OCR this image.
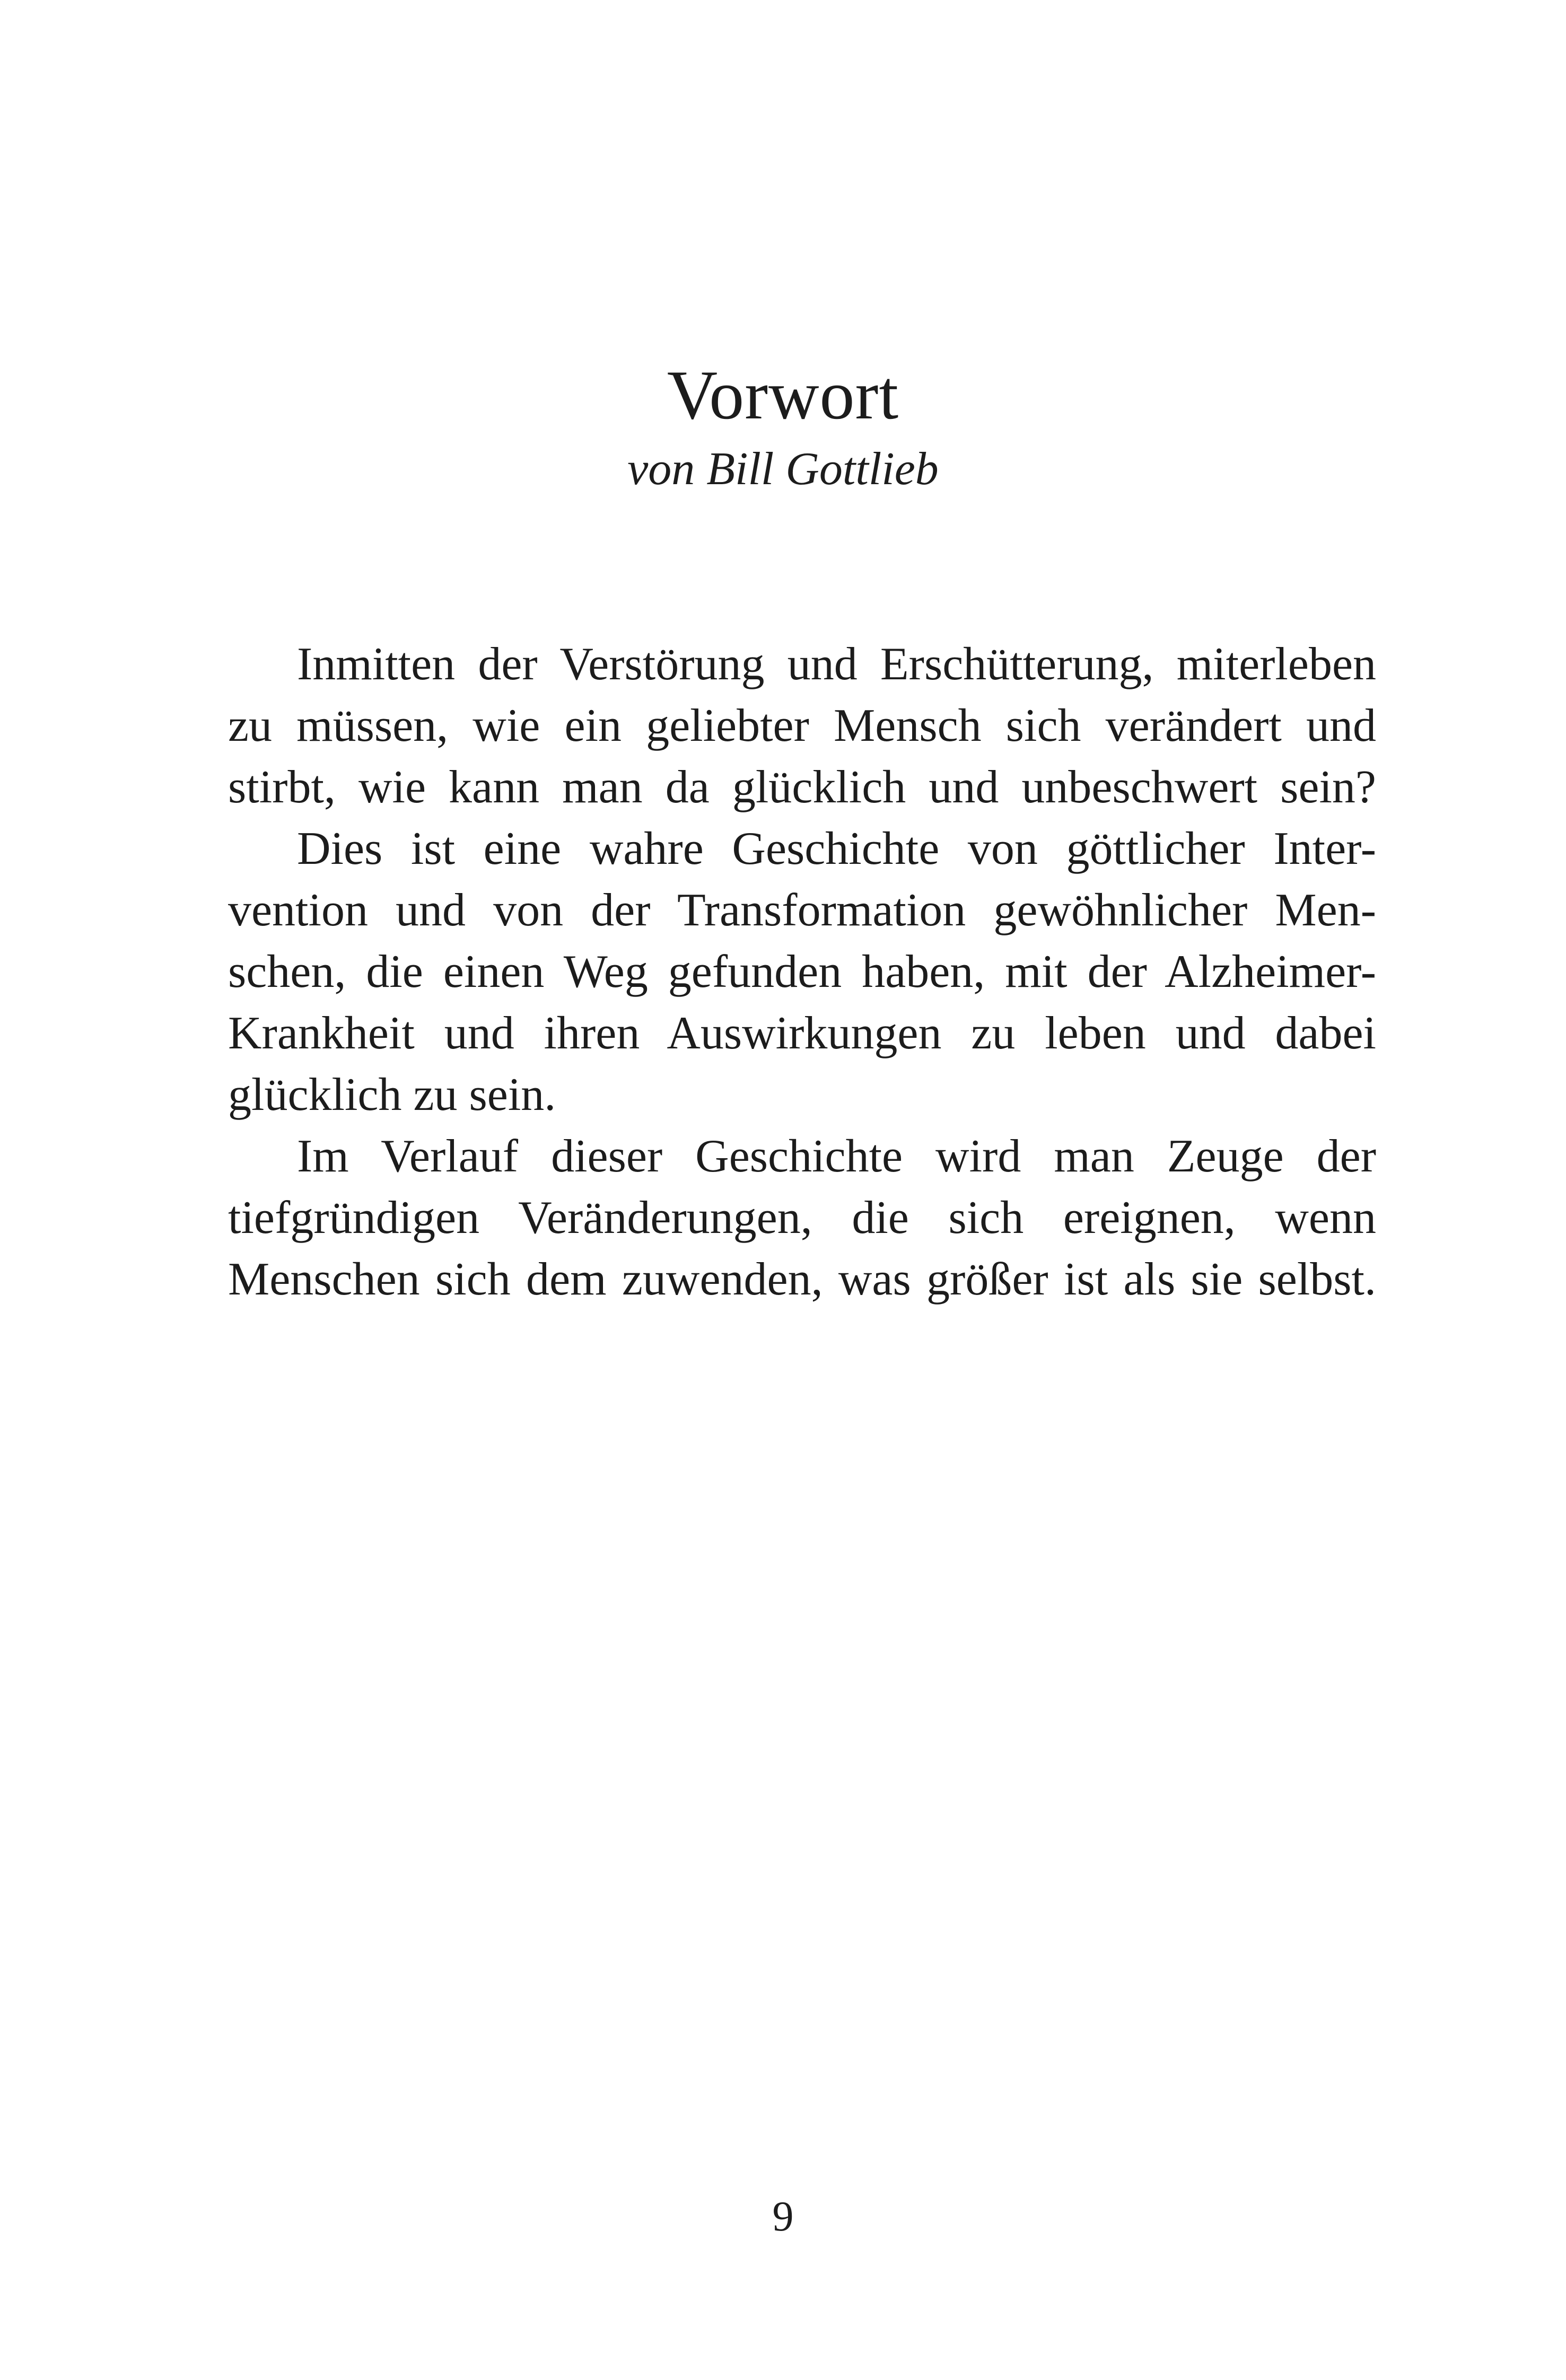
Vorwort

von Bill Gottlieb

Inmitten der Verstörung und Erschütterung, miterleben
zu müssen, wie ein geliebter Mensch sich verändert und
stirbt, wie kann man da glücklich und unbeschwert sein?
Dies ist eine wahre Geschichte von göttlicher Inter-
vention und von der Transformation gewöhnlicher Men-
schen, die einen Weg gefunden haben, mit der Alzheimer-
Krankheit und ihren Auswirkungen zu leben und dabei
glücklich zu sein.
Im Verlauf dieser Geschichte wird man Zeuge der
tiefgründigen Veränderungen, die sich ereignen, wenn
Menschen sich dem zuwenden, was größer ist als sie selbst.
9
